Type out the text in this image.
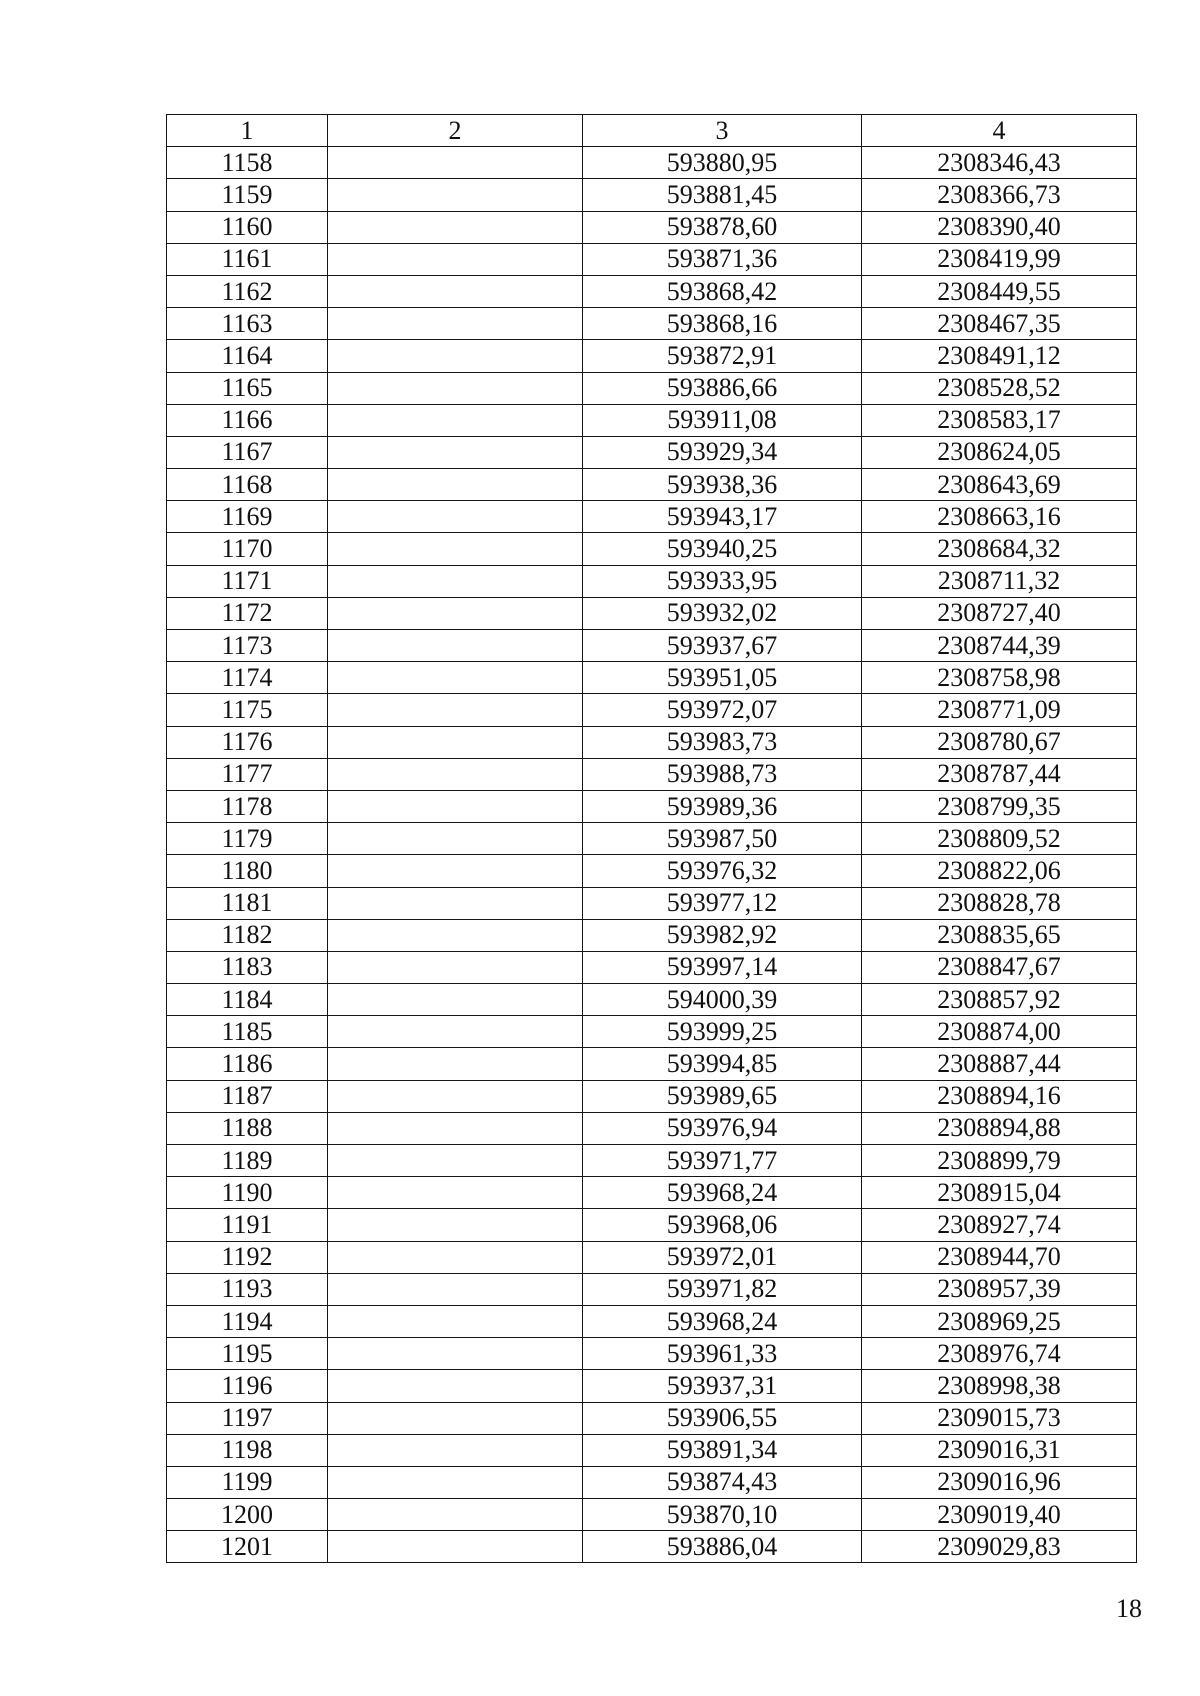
1	2	3	4
1158		593880,95	2308346,43
1159		593881,45	2308366,73
1160		593878,60	2308390,40
1161		593871,36	2308419,99
1162		593868,42	2308449,55
1163		593868,16	2308467,35
1164		593872,91	2308491,12
1165		593886,66	2308528,52
1166		593911,08	2308583,17
1167		593929,34	2308624,05
1168		593938,36	2308643,69
1169		593943,17	2308663,16
1170		593940,25	2308684,32
1171		593933,95	2308711,32
1172		593932,02	2308727,40
1173		593937,67	2308744,39
1174		593951,05	2308758,98
1175		593972,07	2308771,09
1176		593983,73	2308780,67
1177		593988,73	2308787,44
1178		593989,36	2308799,35
1179		593987,50	2308809,52
1180		593976,32	2308822,06
1181		593977,12	2308828,78
1182		593982,92	2308835,65
1183		593997,14	2308847,67
1184		594000,39	2308857,92
1185		593999,25	2308874,00
1186		593994,85	2308887,44
1187		593989,65	2308894,16
1188		593976,94	2308894,88
1189		593971,77	2308899,79
1190		593968,24	2308915,04
1191		593968,06	2308927,74
1192		593972,01	2308944,70
1193		593971,82	2308957,39
1194		593968,24	2308969,25
1195		593961,33	2308976,74
1196		593937,31	2308998,38
1197		593906,55	2309015,73
1198		593891,34	2309016,31
1199		593874,43	2309016,96
1200		593870,10	2309019,40
1201		593886,04	2309029,83
18
